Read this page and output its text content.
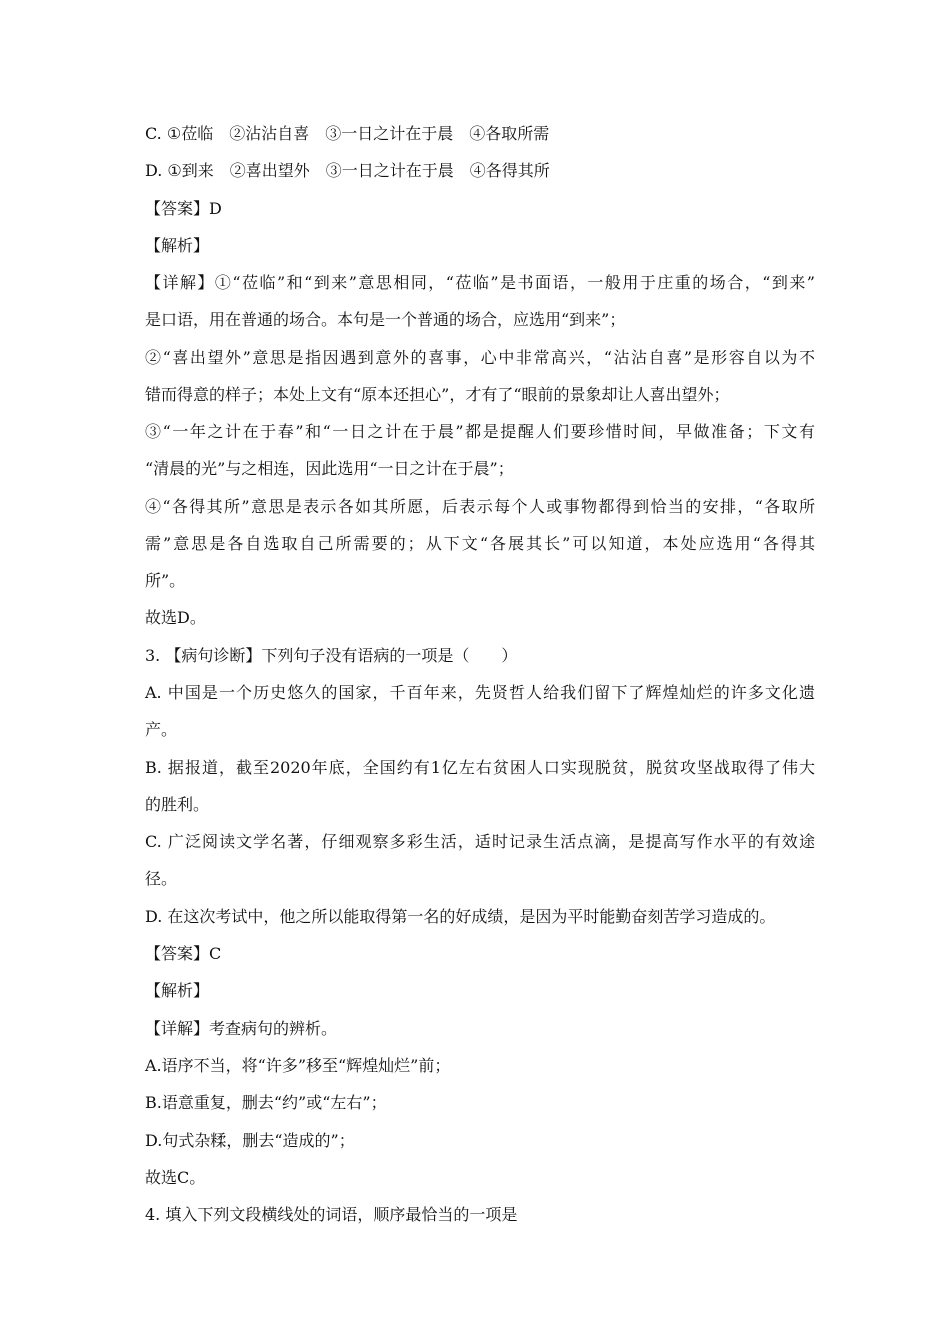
C. ①莅临　②沾沾自喜　③一日之计在于晨　④各取所需
D. ①到来　②喜出望外　③一日之计在于晨　④各得其所
【答案】D
【解析】
【详解】①“莅临”和“到来”意思相同，“莅临”是书面语，一般用于庄重的场合，“到来”
是口语，用在普通的场合。本句是一个普通的场合，应选用“到来”；
②“喜出望外”意思是指因遇到意外的喜事，心中非常高兴，“沾沾自喜”是形容自以为不
错而得意的样子；本处上文有“原本还担心”，才有了“眼前的景象却让人喜出望外；
③“一年之计在于春”和“一日之计在于晨”都是提醒人们要珍惜时间，早做准备；下文有
“清晨的光”与之相连，因此选用“一日之计在于晨”；
④“各得其所”意思是表示各如其所愿，后表示每个人或事物都得到恰当的安排，“各取所
需”意思是各自选取自己所需要的；从下文“各展其长”可以知道，本处应选用“各得其
所”。
故选D。
3. 【病句诊断】下列句子没有语病的一项是（　　）
A. 中国是一个历史悠久的国家，千百年来，先贤哲人给我们留下了辉煌灿烂的许多文化遗
产。
B. 据报道，截至2020年底，全国约有1亿左右贫困人口实现脱贫，脱贫攻坚战取得了伟大
的胜利。
C. 广泛阅读文学名著，仔细观察多彩生活，适时记录生活点滴，是提高写作水平的有效途
径。
D. 在这次考试中，他之所以能取得第一名的好成绩，是因为平时能勤奋刻苦学习造成的。
【答案】C
【解析】
【详解】考查病句的辨析。
A.语序不当，将“许多”移至“辉煌灿烂”前；
B.语意重复，删去“约”或“左右”；
D.句式杂糅，删去“造成的”；
故选C。
4. 填入下列文段横线处的词语，顺序最恰当的一项是
